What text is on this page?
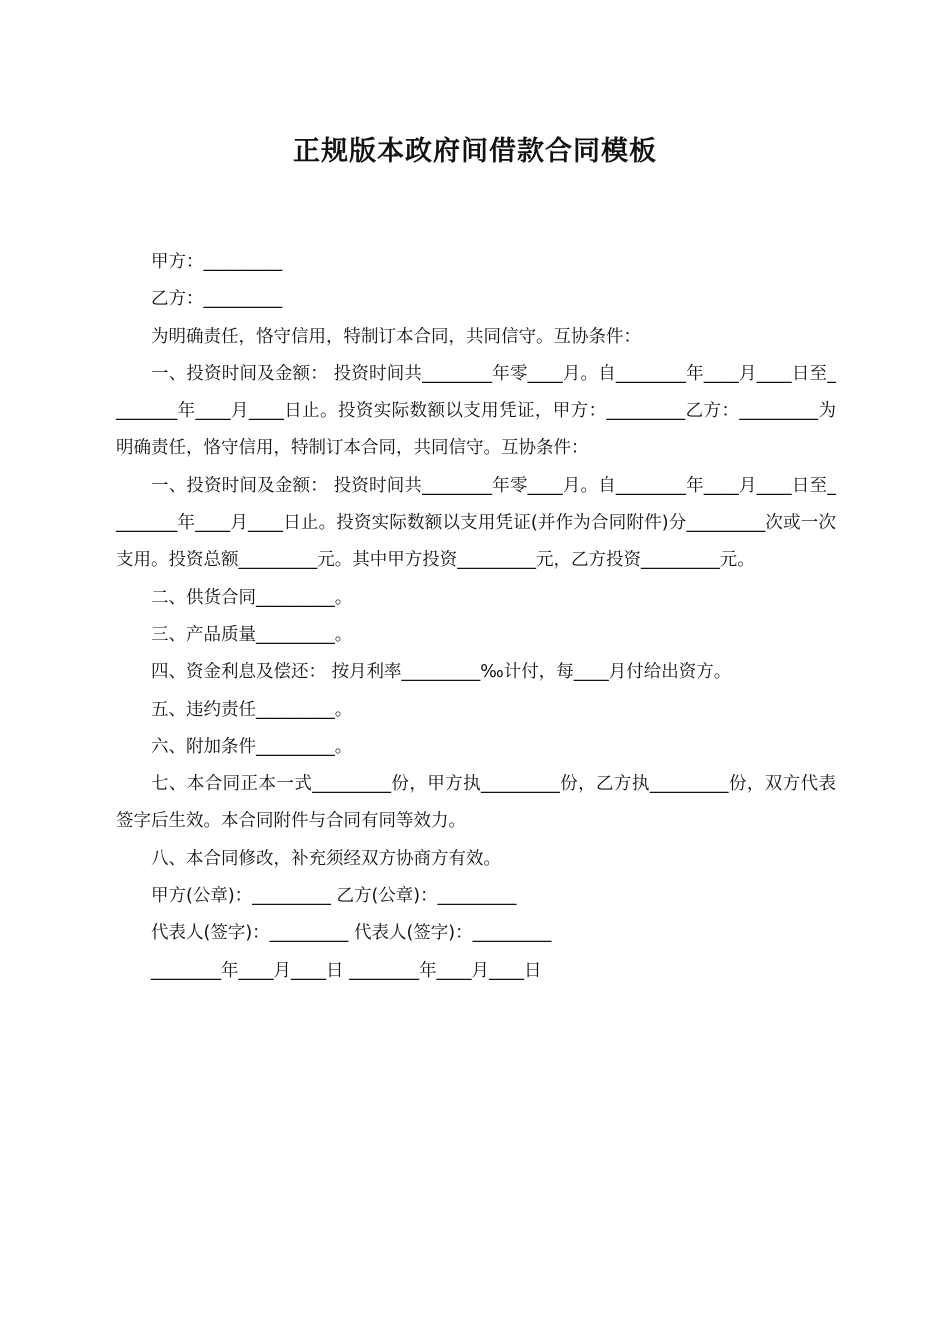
正规版本政府间借款合同模板

甲方：_________

乙方：_________

为明确责任，恪守信用，特制订本合同，共同信守。互协条件：

一、投资时间及金额： 投资时间共________年零____月。自________年____月____日至________年____月____日止。投资实际数额以支用凭证，甲方：_________乙方：_________为明确责任，恪守信用，特制订本合同，共同信守。互协条件：

一、投资时间及金额： 投资时间共________年零____月。自________年____月____日至________年____月____日止。投资实际数额以支用凭证(并作为合同附件)分_________次或一次支用。投资总额_________元。其中甲方投资_________元，乙方投资_________元。

二、供货合同_________。

三、产品质量_________。

四、资金利息及偿还： 按月利率_________‰计付，每____月付给出资方。

五、违约责任_________。

六、附加条件_________。

七、本合同正本一式_________份，甲方执_________份，乙方执_________份，双方代表签字后生效。本合同附件与合同有同等效力。

八、本合同修改，补充须经双方协商方有效。

甲方(公章)：_________ 乙方(公章)：_________

代表人(签字)：_________ 代表人(签字)：_________

________年____月____日 ________年____月____日
